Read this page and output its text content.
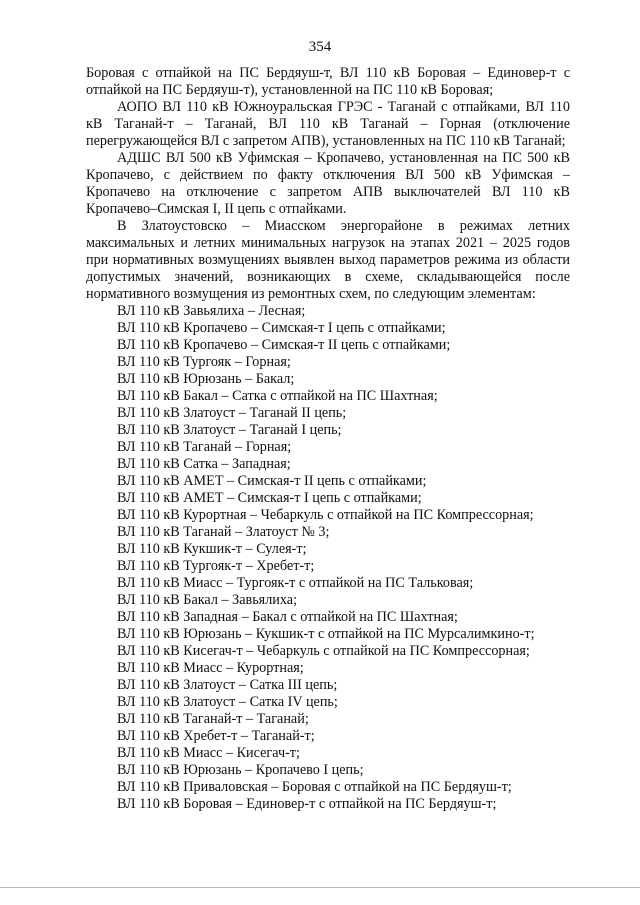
354

Боровая с отпайкой на ПС Бердяуш-т, ВЛ 110 кВ Боровая – Единовер-т с отпайкой на ПС Бердяуш-т), установленной на ПС 110 кВ Боровая;

АОПО ВЛ 110 кВ Южноуральская ГРЭС - Таганай с отпайками, ВЛ 110 кВ Таганай-т – Таганай, ВЛ 110 кВ Таганай – Горная (отключение перегружающейся ВЛ с запретом АПВ), установленных на ПС 110 кВ Таганай;

АДШС ВЛ 500 кВ Уфимская – Кропачево, установленная на ПС 500 кВ Кропачево, с действием по факту отключения ВЛ 500 кВ Уфимская – Кропачево на отключение с запретом АПВ выключателей ВЛ 110 кВ Кропачево–Симская I, II цепь с отпайками.

В Златоустовско – Миасском энергорайоне в режимах летних максимальных и летних минимальных нагрузок на этапах 2021 – 2025 годов при нормативных возмущениях выявлен выход параметров режима из области допустимых значений, возникающих в схеме, складывающейся после нормативного возмущения из ремонтных схем, по следующим элементам:

ВЛ 110 кВ Завьялиха – Лесная;
ВЛ 110 кВ Кропачево – Симская-т I цепь с отпайками;
ВЛ 110 кВ Кропачево – Симская-т II цепь с отпайками;
ВЛ 110 кВ Тургояк – Горная;
ВЛ 110 кВ Юрюзань – Бакал;
ВЛ 110 кВ Бакал – Сатка с отпайкой на ПС Шахтная;
ВЛ 110 кВ Златоуст – Таганай II цепь;
ВЛ 110 кВ Златоуст – Таганай I цепь;
ВЛ 110 кВ Таганай – Горная;
ВЛ 110 кВ Сатка – Западная;
ВЛ 110 кВ АМЕТ – Симская-т II цепь с отпайками;
ВЛ 110 кВ АМЕТ – Симская-т I цепь с отпайками;
ВЛ 110 кВ Курортная – Чебаркуль с отпайкой на ПС Компрессорная;
ВЛ 110 кВ Таганай – Златоуст № 3;
ВЛ 110 кВ Кукшик-т – Сулея-т;
ВЛ 110 кВ Тургояк-т – Хребет-т;
ВЛ 110 кВ Миасс – Тургояк-т с отпайкой на ПС Тальковая;
ВЛ 110 кВ Бакал – Завьялиха;
ВЛ 110 кВ Западная – Бакал с отпайкой на ПС Шахтная;
ВЛ 110 кВ Юрюзань – Кукшик-т с отпайкой на ПС Мурсалимкино-т;
ВЛ 110 кВ Кисегач-т – Чебаркуль с отпайкой на ПС Компрессорная;
ВЛ 110 кВ Миасс – Курортная;
ВЛ 110 кВ Златоуст – Сатка III цепь;
ВЛ 110 кВ Златоуст – Сатка IV цепь;
ВЛ 110 кВ Таганай-т – Таганай;
ВЛ 110 кВ Хребет-т – Таганай-т;
ВЛ 110 кВ Миасс – Кисегач-т;
ВЛ 110 кВ Юрюзань – Кропачево I цепь;
ВЛ 110 кВ Приваловская – Боровая с отпайкой на ПС Бердяуш-т;
ВЛ 110 кВ Боровая – Единовер-т с отпайкой на ПС Бердяуш-т;
